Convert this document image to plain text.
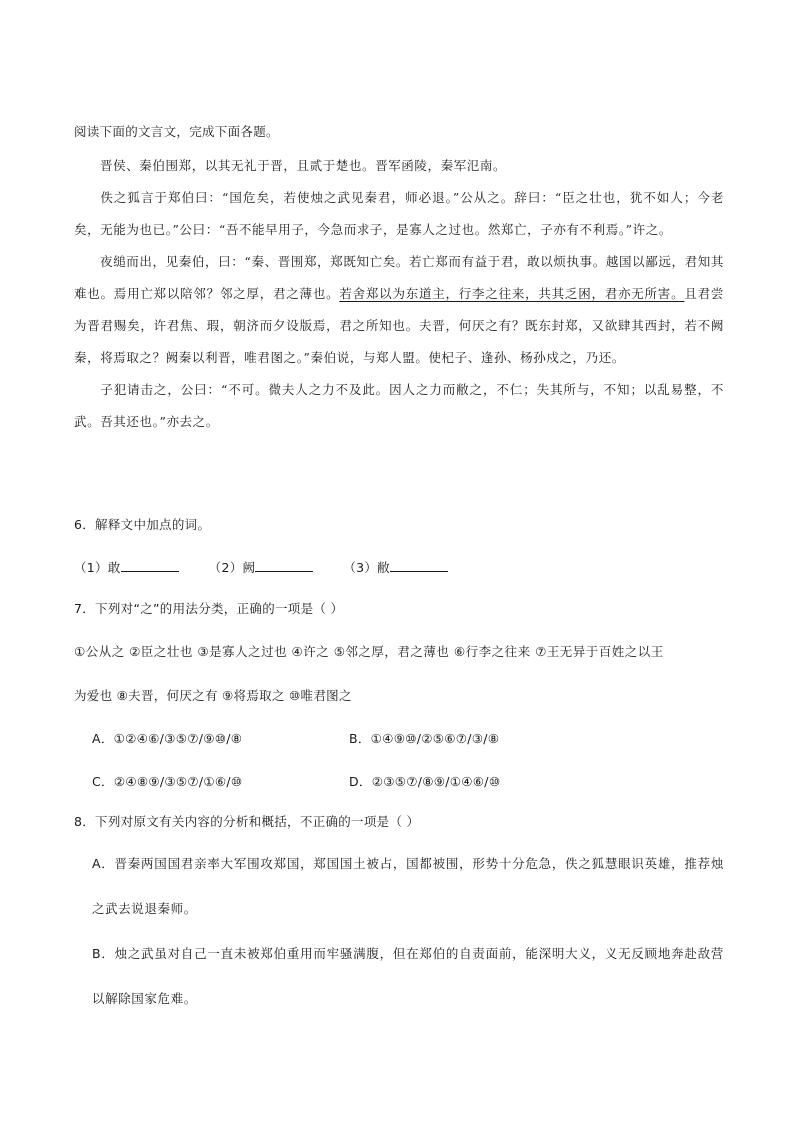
阅读下面的文言文，完成下面各题。
晋侯、秦伯围郑，以其无礼于晋，且贰于楚也。晋军函陵，秦军氾南。
佚之狐言于郑伯曰：“国危矣，若使烛之武见秦君，师必退。”公从之。辞曰：“臣之壮也，犹不如人；今老矣，无能为也已。”公曰：“吾不能早用子，今急而求子，是寡人之过也。然郑亡，子亦有不利焉。”许之。
夜缒而出，见秦伯，曰：“秦、晋围郑，郑既知亡矣。若亡郑而有益于君，敢以烦执事。越国以鄙远，君知其难也。焉用亡郑以陪邻？邻之厚，君之薄也。若舍郑以为东道主，行李之往来，共其乏困，君亦无所害。且君尝为晋君赐矣，许君焦、瑕，朝济而夕设版焉，君之所知也。夫晋，何厌之有？既东封郑，又欲肆其西封，若不阙秦，将焉取之？阙秦以利晋，唯君图之。”秦伯说，与郑人盟。使杞子、逢孙、杨孙戍之，乃还。
子犯请击之，公曰：“不可。微夫人之力不及此。因人之力而敝之，不仁；失其所与，不知；以乱易整，不武。吾其还也。”亦去之。
6．解释文中加点的词。
（1）敢	（2）阙	（3）敝
7．下列对“之”的用法分类，正确的一项是（ ）
①公从之 ②臣之壮也 ③是寡人之过也 ④许之 ⑤邻之厚，君之薄也 ⑥行李之往来 ⑦王无异于百姓之以王
为爱也 ⑧夫晋，何厌之有 ⑨将焉取之 ⑩唯君图之
A．①②④⑥/③⑤⑦/⑨⑩/⑧	B．①④⑨⑩/②⑤⑥⑦/③/⑧
C．②④⑧⑨/③⑤⑦/①⑥/⑩	D．②③⑤⑦/⑧⑨/①④⑥/⑩
8．下列对原文有关内容的分析和概括，不正确的一项是（ ）
A．晋秦两国国君亲率大军围攻郑国，郑国国土被占，国都被围，形势十分危急，佚之狐慧眼识英雄，推荐烛之武去说退秦师。
B．烛之武虽对自己一直未被郑伯重用而牢骚满腹，但在郑伯的自责面前，能深明大义，义无反顾地奔赴敌营以解除国家危难。
